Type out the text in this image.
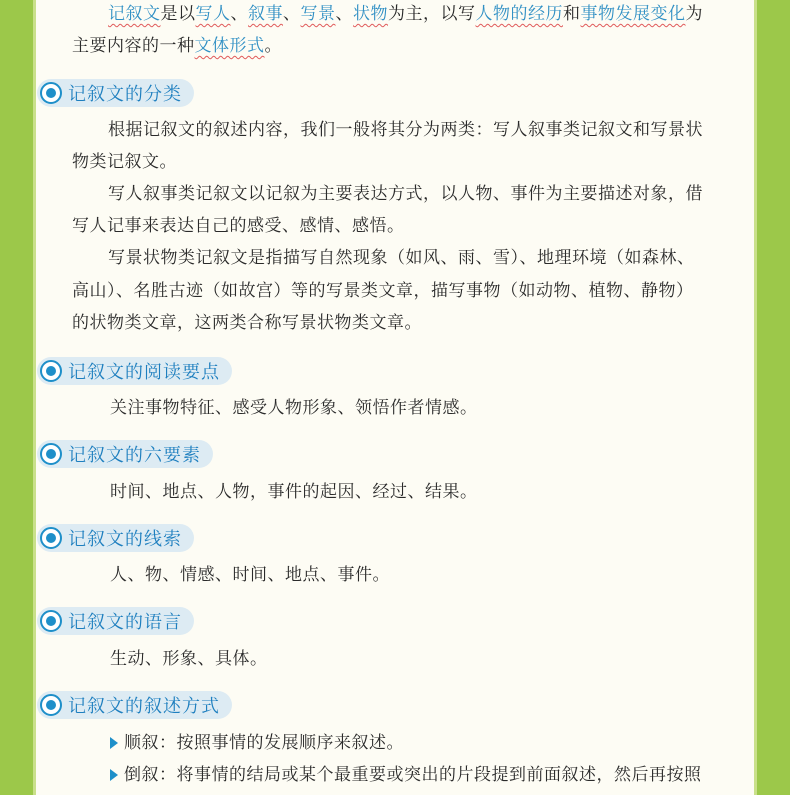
记叙文是以写人、叙事、写景、状物为主，以写人物的经历和事物发展变化为
主要内容的一种文体形式。
记叙文的分类
根据记叙文的叙述内容，我们一般将其分为两类：写人叙事类记叙文和写景状
物类记叙文。
写人叙事类记叙文以记叙为主要表达方式，以人物、事件为主要描述对象，借
写人记事来表达自己的感受、感情、感悟。
写景状物类记叙文是指描写自然现象（如风、雨、雪）、地理环境（如森林、
高山）、名胜古迹（如故宫）等的写景类文章，描写事物（如动物、植物、静物）
的状物类文章，这两类合称写景状物类文章。
记叙文的阅读要点
关注事物特征、感受人物形象、领悟作者情感。
记叙文的六要素
时间、地点、人物，事件的起因、经过、结果。
记叙文的线索
人、物、情感、时间、地点、事件。
记叙文的语言
生动、形象、具体。
记叙文的叙述方式
顺叙：按照事情的发展顺序来叙述。
倒叙：将事情的结局或某个最重要或突出的片段提到前面叙述，然后再按照
